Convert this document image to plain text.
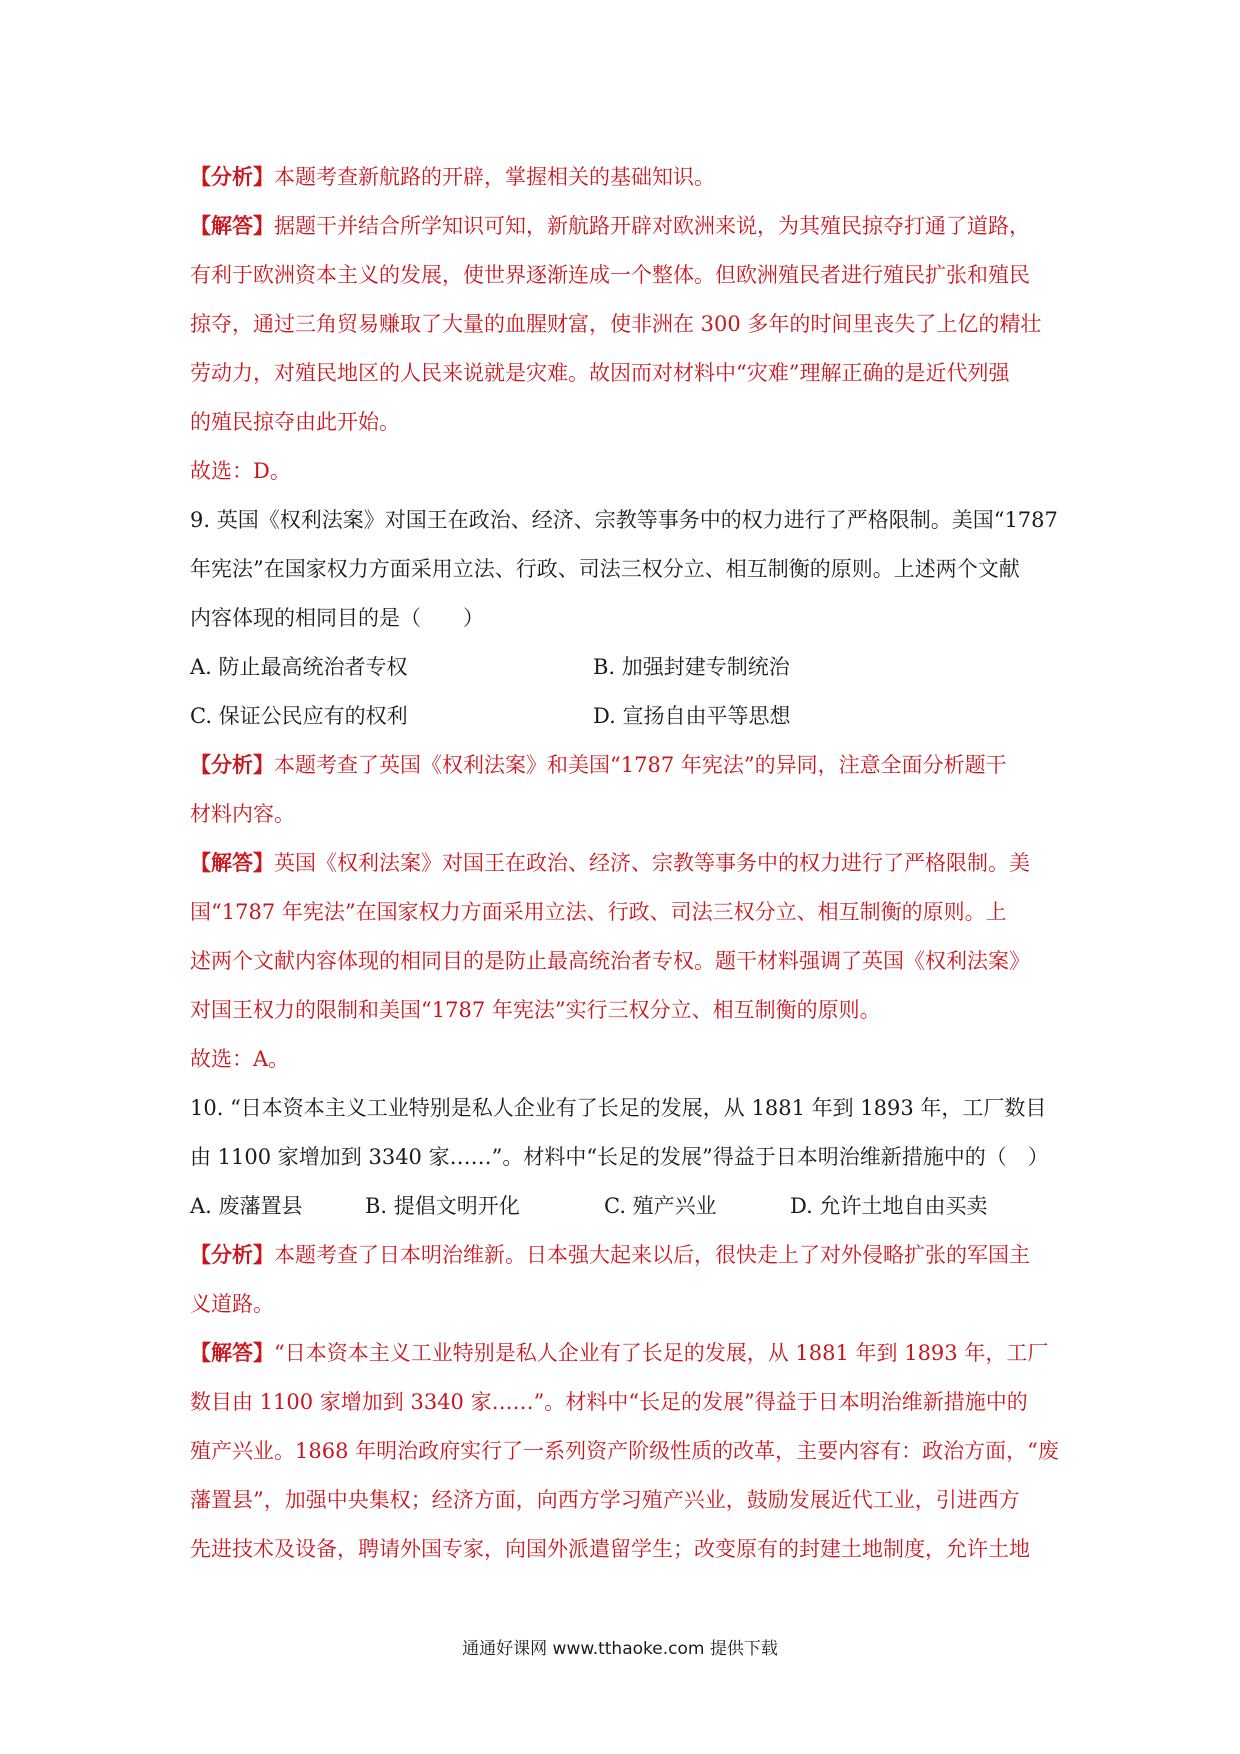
【分析】本题考查新航路的开辟，掌握相关的基础知识。
【解答】据题干并结合所学知识可知，新航路开辟对欧洲来说，为其殖民掠夺打通了道路，
有利于欧洲资本主义的发展，使世界逐渐连成一个整体。但欧洲殖民者进行殖民扩张和殖民
掠夺，通过三角贸易赚取了大量的血腥财富，使非洲在 300 多年的时间里丧失了上亿的精壮
劳动力，对殖民地区的人民来说就是灾难。故因而对材料中“灾难”理解正确的是近代列强
的殖民掠夺由此开始。
故选：D。
9. 英国《权利法案》对国王在政治、经济、宗教等事务中的权力进行了严格限制。美国“1787
年宪法”在国家权力方面采用立法、行政、司法三权分立、相互制衡的原则。上述两个文献
内容体现的相同目的是（　　）
A. 防止最高统治者专权	B. 加强封建专制统治
C. 保证公民应有的权利	D. 宣扬自由平等思想
【分析】本题考查了英国《权利法案》和美国“1787 年宪法”的异同，注意全面分析题干
材料内容。
【解答】英国《权利法案》对国王在政治、经济、宗教等事务中的权力进行了严格限制。美
国“1787 年宪法”在国家权力方面采用立法、行政、司法三权分立、相互制衡的原则。上
述两个文献内容体现的相同目的是防止最高统治者专权。题干材料强调了英国《权利法案》
对国王权力的限制和美国“1787 年宪法”实行三权分立、相互制衡的原则。
故选：A。
10. “日本资本主义工业特别是私人企业有了长足的发展，从 1881 年到 1893 年，工厂数目
由 1100 家增加到 3340 家……”。材料中“长足的发展”得益于日本明治维新措施中的（　）
A. 废藩置县	B. 提倡文明开化	C. 殖产兴业	D. 允许土地自由买卖
【分析】本题考查了日本明治维新。日本强大起来以后，很快走上了对外侵略扩张的军国主
义道路。
【解答】“日本资本主义工业特别是私人企业有了长足的发展，从 1881 年到 1893 年，工厂
数目由 1100 家增加到 3340 家……”。材料中“长足的发展”得益于日本明治维新措施中的
殖产兴业。1868 年明治政府实行了一系列资产阶级性质的改革，主要内容有：政治方面，“废
藩置县”，加强中央集权；经济方面，向西方学习殖产兴业，鼓励发展近代工业，引进西方
先进技术及设备，聘请外国专家，向国外派遣留学生；改变原有的封建土地制度，允许土地
通通好课网 www.tthaoke.com 提供下载
